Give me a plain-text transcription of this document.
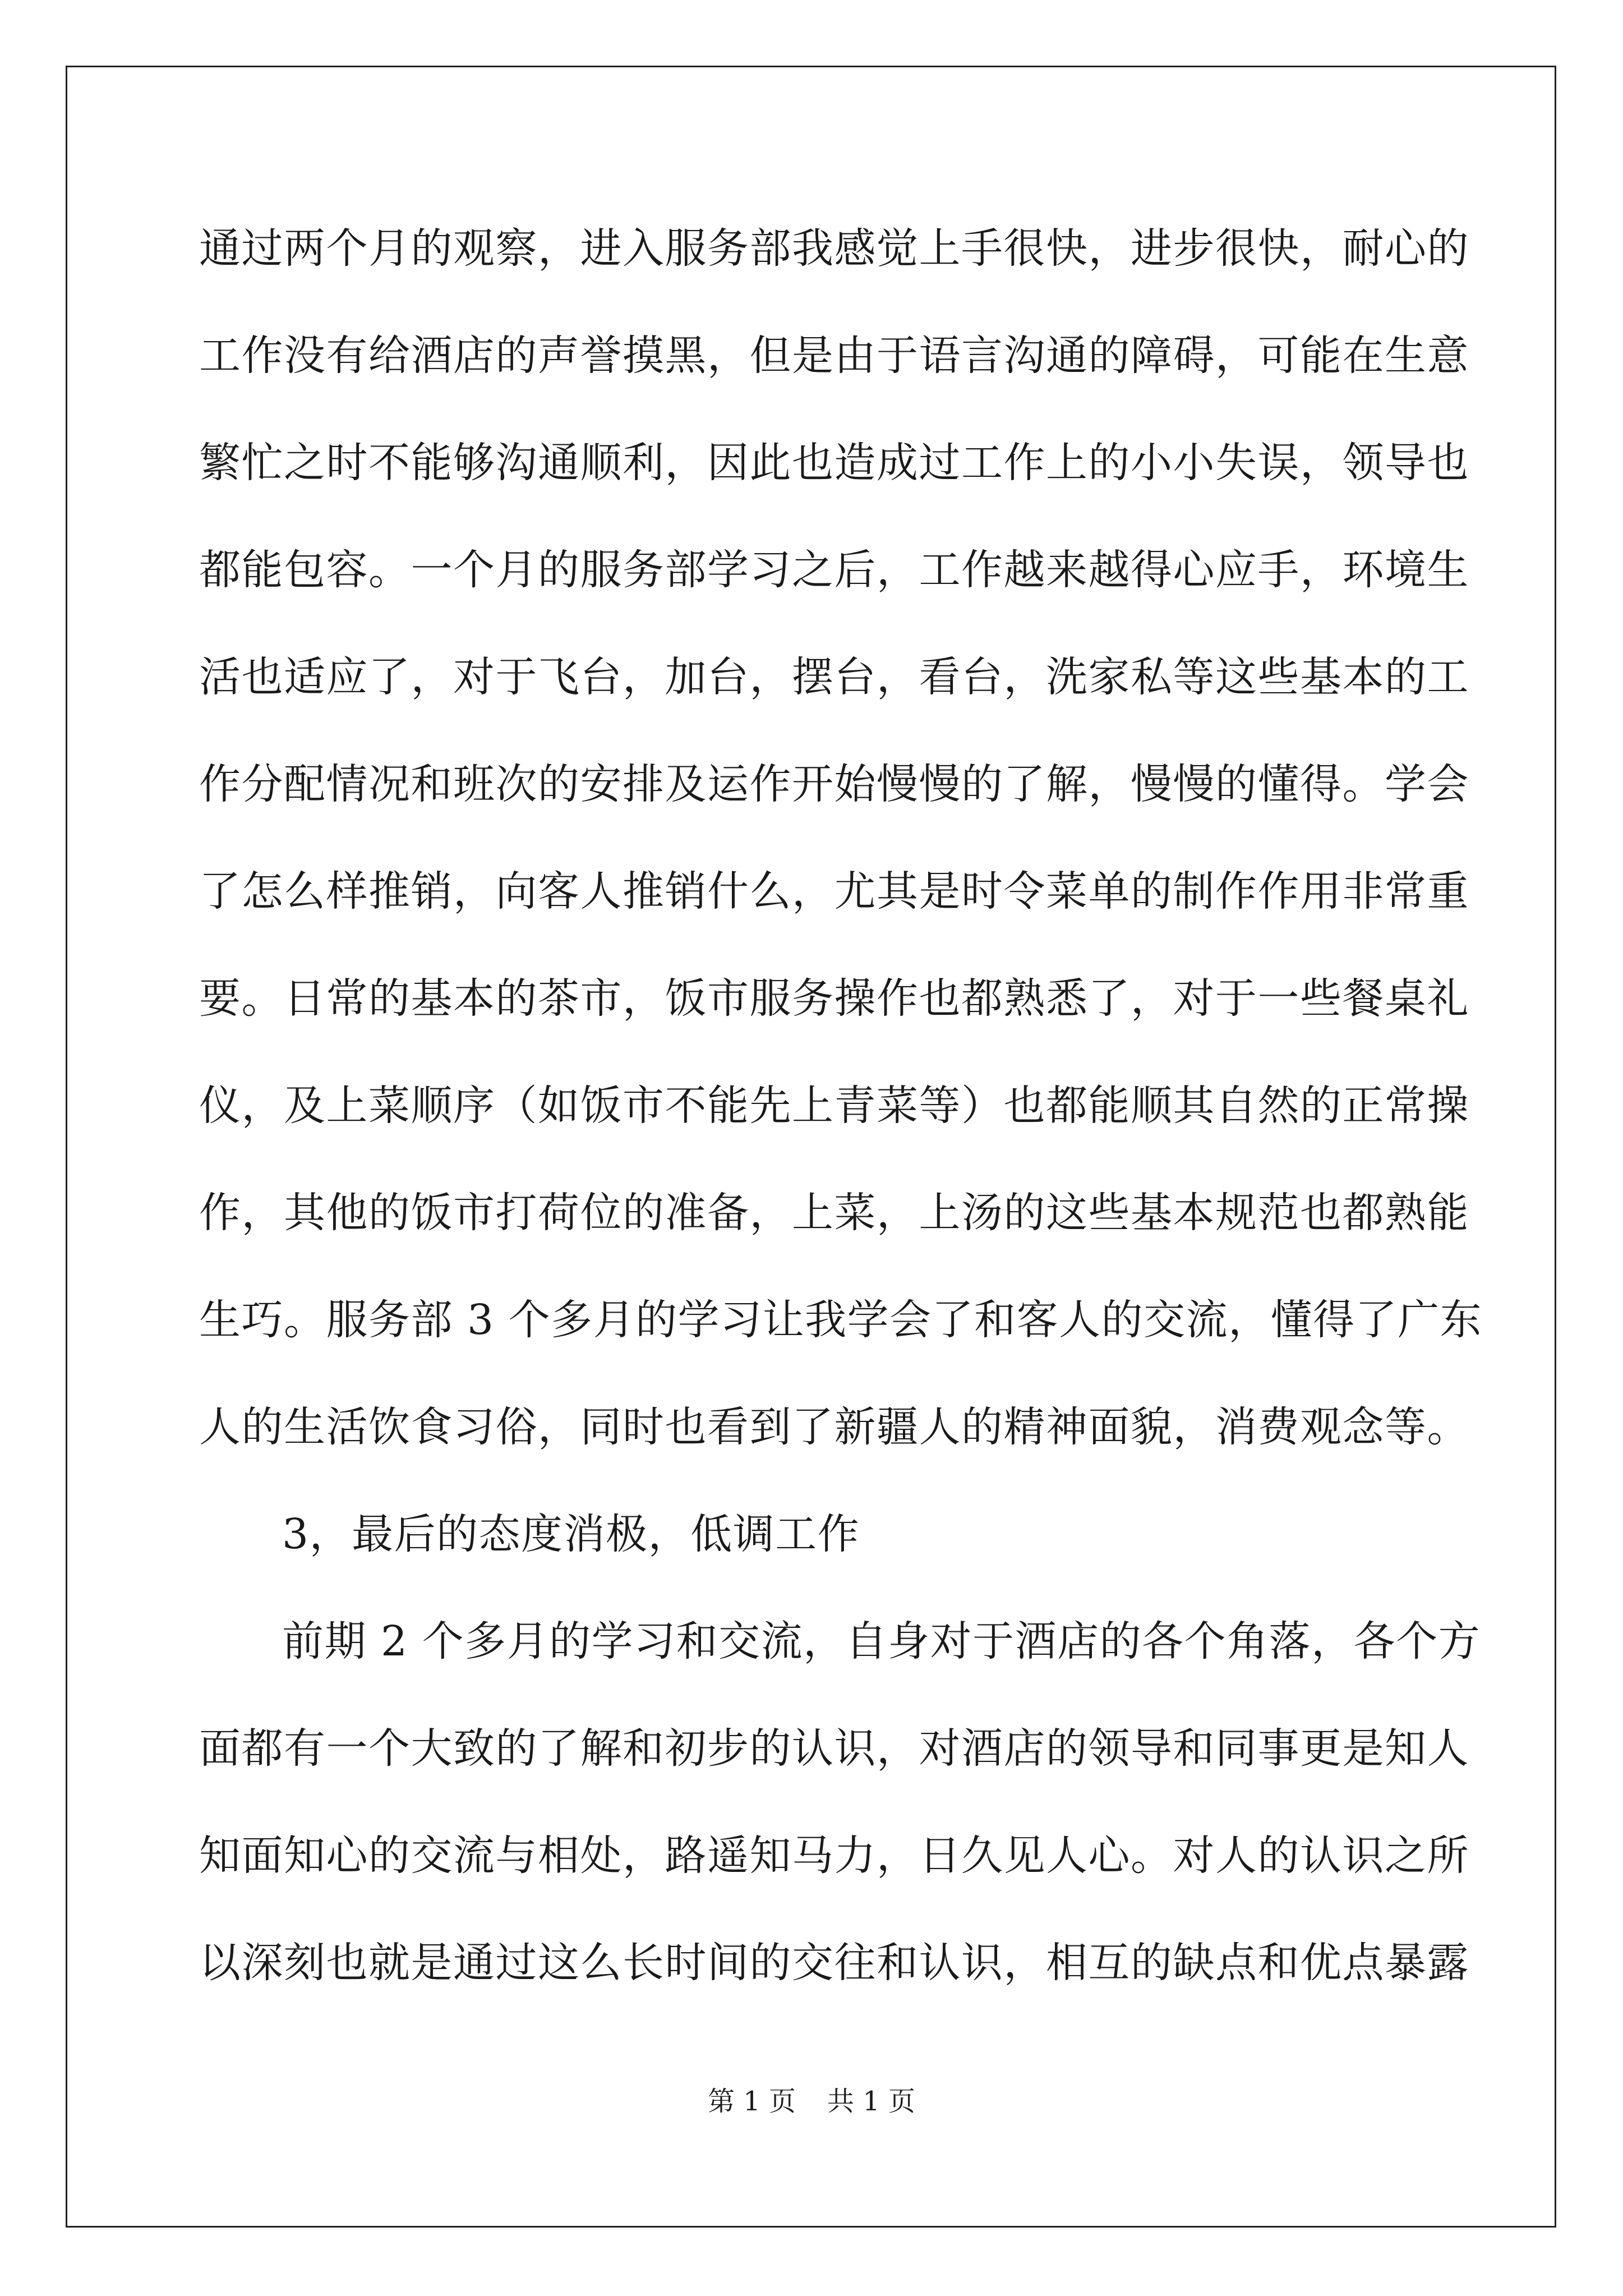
通过两个月的观察，进入服务部我感觉上手很快，进步很快，耐心的
工作没有给酒店的声誉摸黑，但是由于语言沟通的障碍，可能在生意
繁忙之时不能够沟通顺利，因此也造成过工作上的小小失误，领导也
都能包容。一个月的服务部学习之后，工作越来越得心应手，环境生
活也适应了，对于飞台，加台，摆台，看台，洗家私等这些基本的工
作分配情况和班次的安排及运作开始慢慢的了解，慢慢的懂得。学会
了怎么样推销，向客人推销什么，尤其是时令菜单的制作作用非常重
要。日常的基本的茶市，饭市服务操作也都熟悉了，对于一些餐桌礼
仪，及上菜顺序（如饭市不能先上青菜等）也都能顺其自然的正常操
作，其他的饭市打荷位的准备，上菜，上汤的这些基本规范也都熟能
生巧。服务部 3 个多月的学习让我学会了和客人的交流，懂得了广东
人的生活饮食习俗，同时也看到了新疆人的精神面貌，消费观念等。
3，最后的态度消极，低调工作
前期 2 个多月的学习和交流，自身对于酒店的各个角落，各个方
面都有一个大致的了解和初步的认识，对酒店的领导和同事更是知人
知面知心的交流与相处，路遥知马力，日久见人心。对人的认识之所
以深刻也就是通过这么长时间的交往和认识，相互的缺点和优点暴露
第 1 页 共 1 页
